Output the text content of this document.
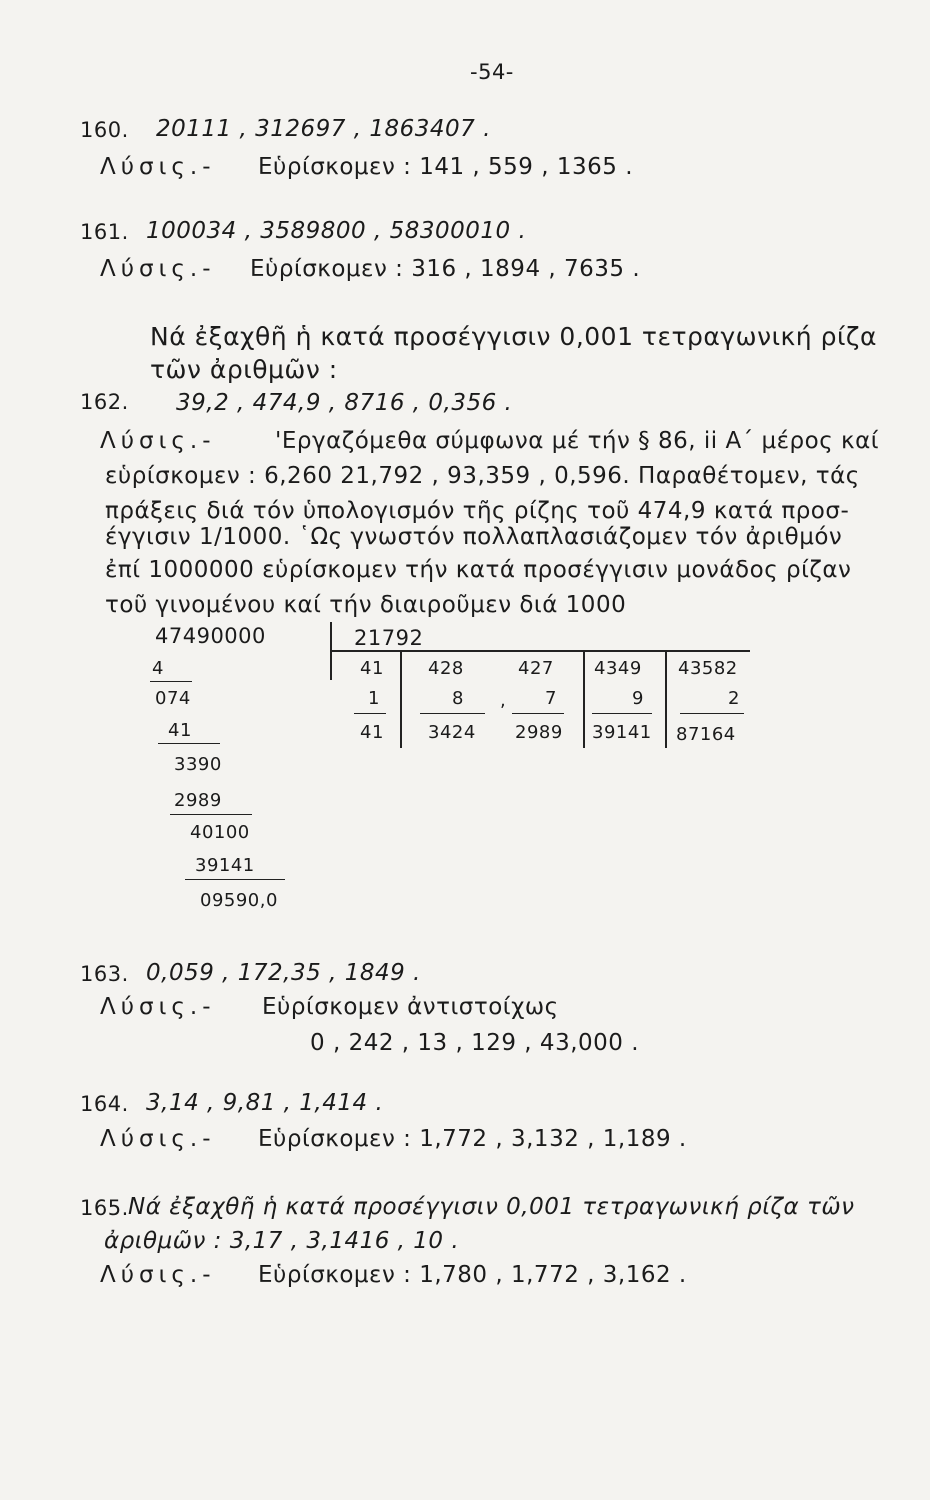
-54-
160. 20111 , 312697 , 1863407 .
Λύσις.- Εὑρίσκομεν : 141 , 559 , 1365 .
161. 100034 , 3589800 , 58300010 .
Λύσις.- Εὑρίσκομεν : 316 , 1894 , 7635 .
Νά ἐξαχθῆ ἡ κατά προσέγγισιν 0,001 τετραγωνική ρίζα
τῶν ἀριθμῶν :
162. 39,2 , 474,9 , 8716 , 0,356 .
Λύσις.-	'Εργαζόμεθα σύμφωνα μέ τήν § 86, ii Α΄ μέρος καί
εὑρίσκομεν : 6,260 21,792 , 93,359 , 0,596. Παραθέτομεν, τάς
πράξεις διά τόν ὑπολογισμόν τῆς ρίζης τοῦ 474,9 κατά προσ-
έγγισιν 1/1000. ῾Ως γνωστόν πολλαπλασιάζομεν τόν ἀριθμόν
ἐπί 1000000 εὑρίσκομεν τήν κατά προσέγγισιν μονάδος ρίζαν
τοῦ γινομένου καί τήν διαιροῦμεν διά 1000
47490000	21792
4
074
41
3390
2989
40100
39141
09590,0
41
1
41
428
8
3424
,
427
7
2989
4349
9
39141
43582
2
87164
163. 0,059 , 172,35 , 1849 .
Λύσις.- Εὑρίσκομεν ἀντιστοίχως
0 , 242 , 13 , 129 , 43,000 .
164. 3,14 , 9,81 , 1,414 .
Λύσις.- Εὑρίσκομεν : 1,772 , 3,132 , 1,189 .
165. Νά ἐξαχθῆ ἡ κατά προσέγγισιν 0,001 τετραγωνική ρίζα τῶν
ἀριθμῶν : 3,17 , 3,1416 , 10 .
Λύσις.- Εὑρίσκομεν : 1,780 , 1,772 , 3,162 .
